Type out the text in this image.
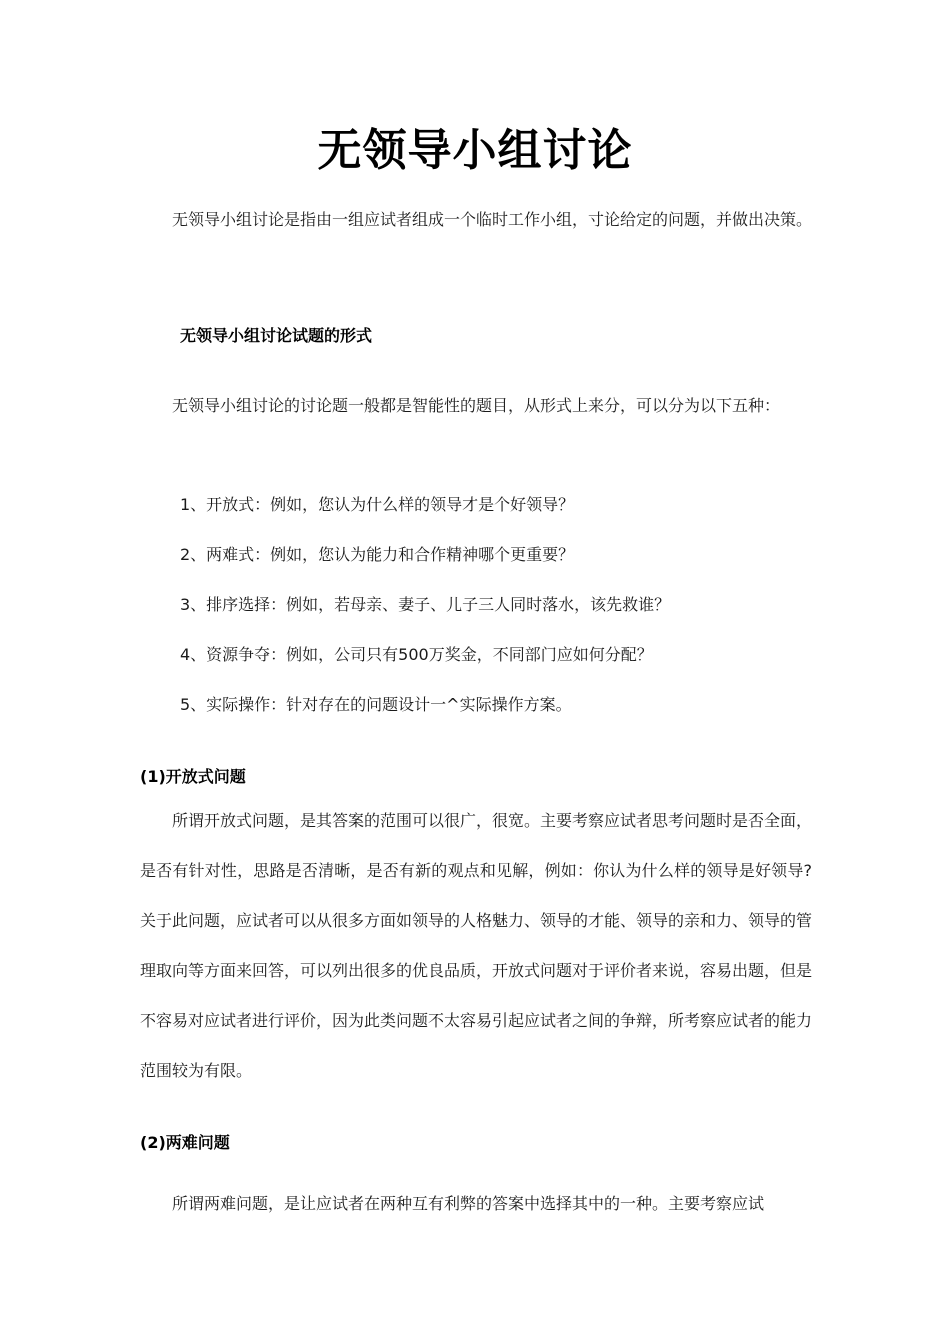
无领导小组讨论

无领导小组讨论是指由一组应试者组成一个临时工作小组，寸论给定的问题，并做出决策。

无领导小组讨论试题的形式

无领导小组讨论的讨论题一般都是智能性的题目，从形式上来分，可以分为以下五种：

1、开放式：例如，您认为什么样的领导才是个好领导？
2、两难式：例如，您认为能力和合作精神哪个更重要？
3、排序选择：例如，若母亲、妻子、儿子三人同时落水，该先救谁？
4、资源争夺：例如，公司只有500万奖金，不同部门应如何分配？
5、实际操作：针对存在的问题设计一^实际操作方案。
(1)开放式问题

所谓开放式问题，是其答案的范围可以很广，很宽。主要考察应试者思考问题时是否全面，是否有针对性，思路是否清晰，是否有新的观点和见解，例如：你认为什么样的领导是好领导?关于此问题，应试者可以从很多方面如领导的人格魅力、领导的才能、领导的亲和力、领导的管理取向等方面来回答，可以列出很多的优良品质，开放式问题对于评价者来说，容易出题，但是不容易对应试者进行评价，因为此类问题不太容易引起应试者之间的争辩，所考察应试者的能力范围较为有限。

(2)两难问题

所谓两难问题，是让应试者在两种互有利弊的答案中选择其中的一种。主要考察应试
